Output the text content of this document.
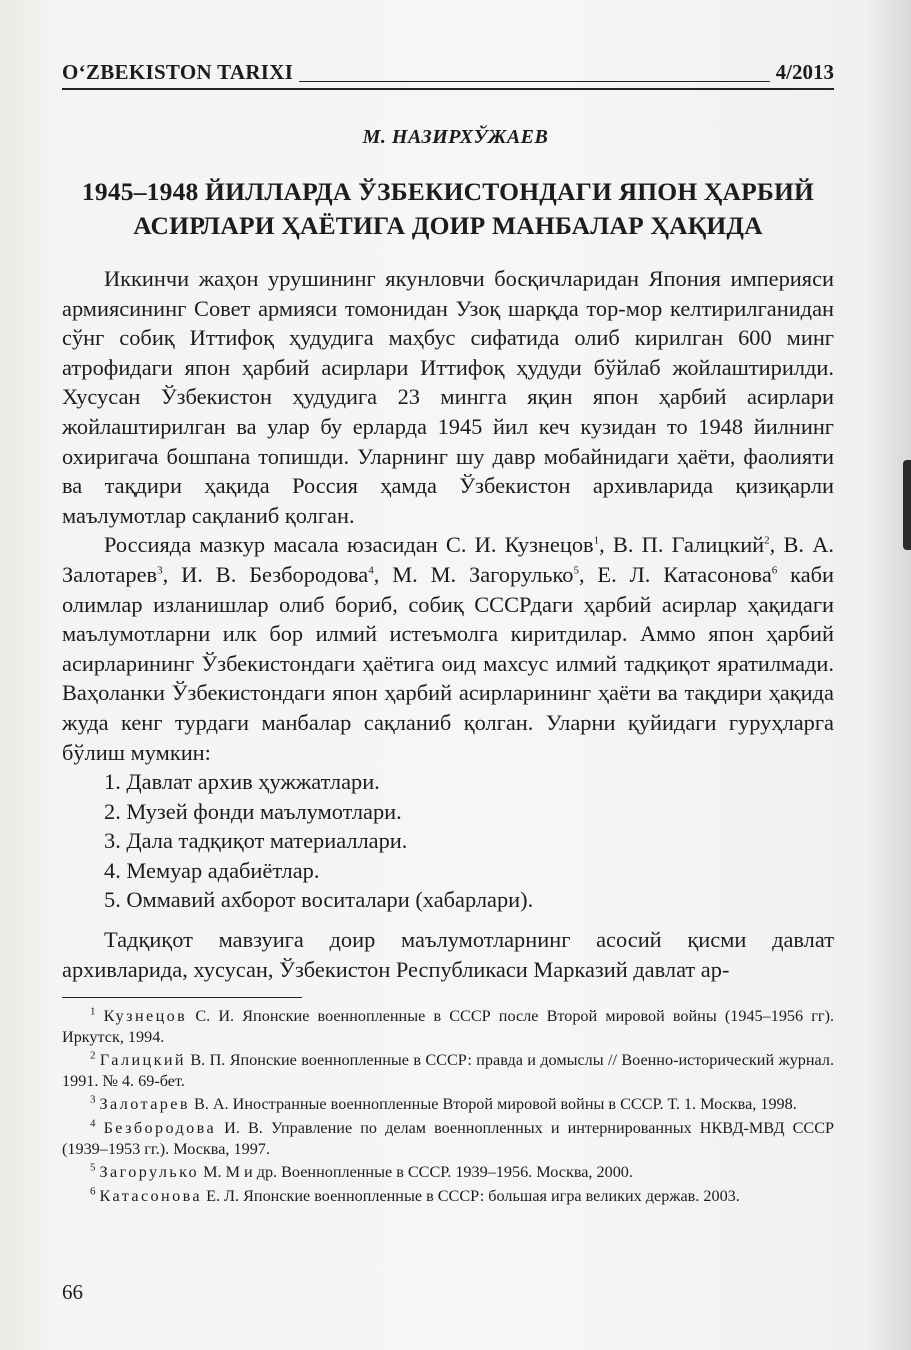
O‘ZBEKISTON TARIXI	4/2013
М. НАЗИРХЎЖАЕВ
1945–1948 ЙИЛЛАРДА ЎЗБЕКИСТОНДАГИ ЯПОН ҲАРБИЙ
АСИРЛАРИ ҲАЁТИГА ДОИР МАНБАЛАР ҲАҚИДА

Иккинчи жаҳон урушининг якунловчи босқичларидан Япония империяси армиясининг Совет армияси томонидан Узоқ шарқда тор-мор келтирилганидан сўнг собиқ Иттифоқ ҳудудига маҳбус сифатида олиб кирилган 600 минг атрофидаги япон ҳарбий асирлари Иттифоқ ҳудуди бўйлаб жойлаштирилди. Хусусан Ўзбекистон ҳудудига 23 мингга яқин япон ҳарбий асирлари жойлаштирилган ва улар бу ерларда 1945 йил кеч кузидан то 1948 йилнинг охиригача бошпана топишди. Уларнинг шу давр мобайнидаги ҳаёти, фаолияти ва тақдири ҳақида Россия ҳамда Ўзбекистон архивларида қизиқарли маълумотлар сақланиб қолган.

Россияда мазкур масала юзасидан С. И. Кузнецов$^1$, В. П. Галицкий$^2$, В. А. Залотарев$^3$, И. В. Безбородова$^4$, М. М. Загорулько$^5$, Е. Л. Катасонова$^6$ каби олимлар изланишлар олиб бориб, собиқ СССРдаги ҳарбий асирлар ҳақидаги маълумотларни илк бор илмий истеъмолга киритдилар. Аммо япон ҳарбий асирларининг Ўзбекистондаги ҳаётига оид махсус илмий тадқиқот яратилмади. Ваҳоланки Ўзбекистондаги япон ҳарбий асирларининг ҳаёти ва тақдири ҳақида жуда кенг турдаги манбалар сақланиб қолган. Уларни қуйидаги гуруҳларга бўлиш мумкин:

1. Давлат архив ҳужжатлари.
2. Музей фонди маълумотлари.
3. Дала тадқиқот материаллари.
4. Мемуар адабиётлар.
5. Оммавий ахборот воситалари (хабарлари).

Тадқиқот мавзуига доир маълумотларнинг асосий қисми давлат архивларида, хусусан, Ўзбекистон Республикаси Марказий давлат ар-

$^1$ Кузнецов С. И. Японские военнопленные в СССР после Второй мировой войны (1945–1956 гг). Иркутск, 1994.

$^2$ Галицкий В. П. Японские военнопленные в СССР: правда и домыслы // Военно-исторический журнал. 1991. № 4. 69-бет.

$^3$ Залотарев В. А. Иностранные военнопленные Второй мировой войны в СССР. Т. 1. Москва, 1998.

$^4$ Безбородова И. В. Управление по делам военнопленных и интернированных НКВД-МВД СССР (1939–1953 гг.). Москва, 1997.

$^5$ Загорулько М. М и др. Военнопленные в СССР. 1939–1956. Москва, 2000.

$^6$ Катасонова Е. Л. Японские военнопленные в СССР: большая игра великих держав. 2003.

66
